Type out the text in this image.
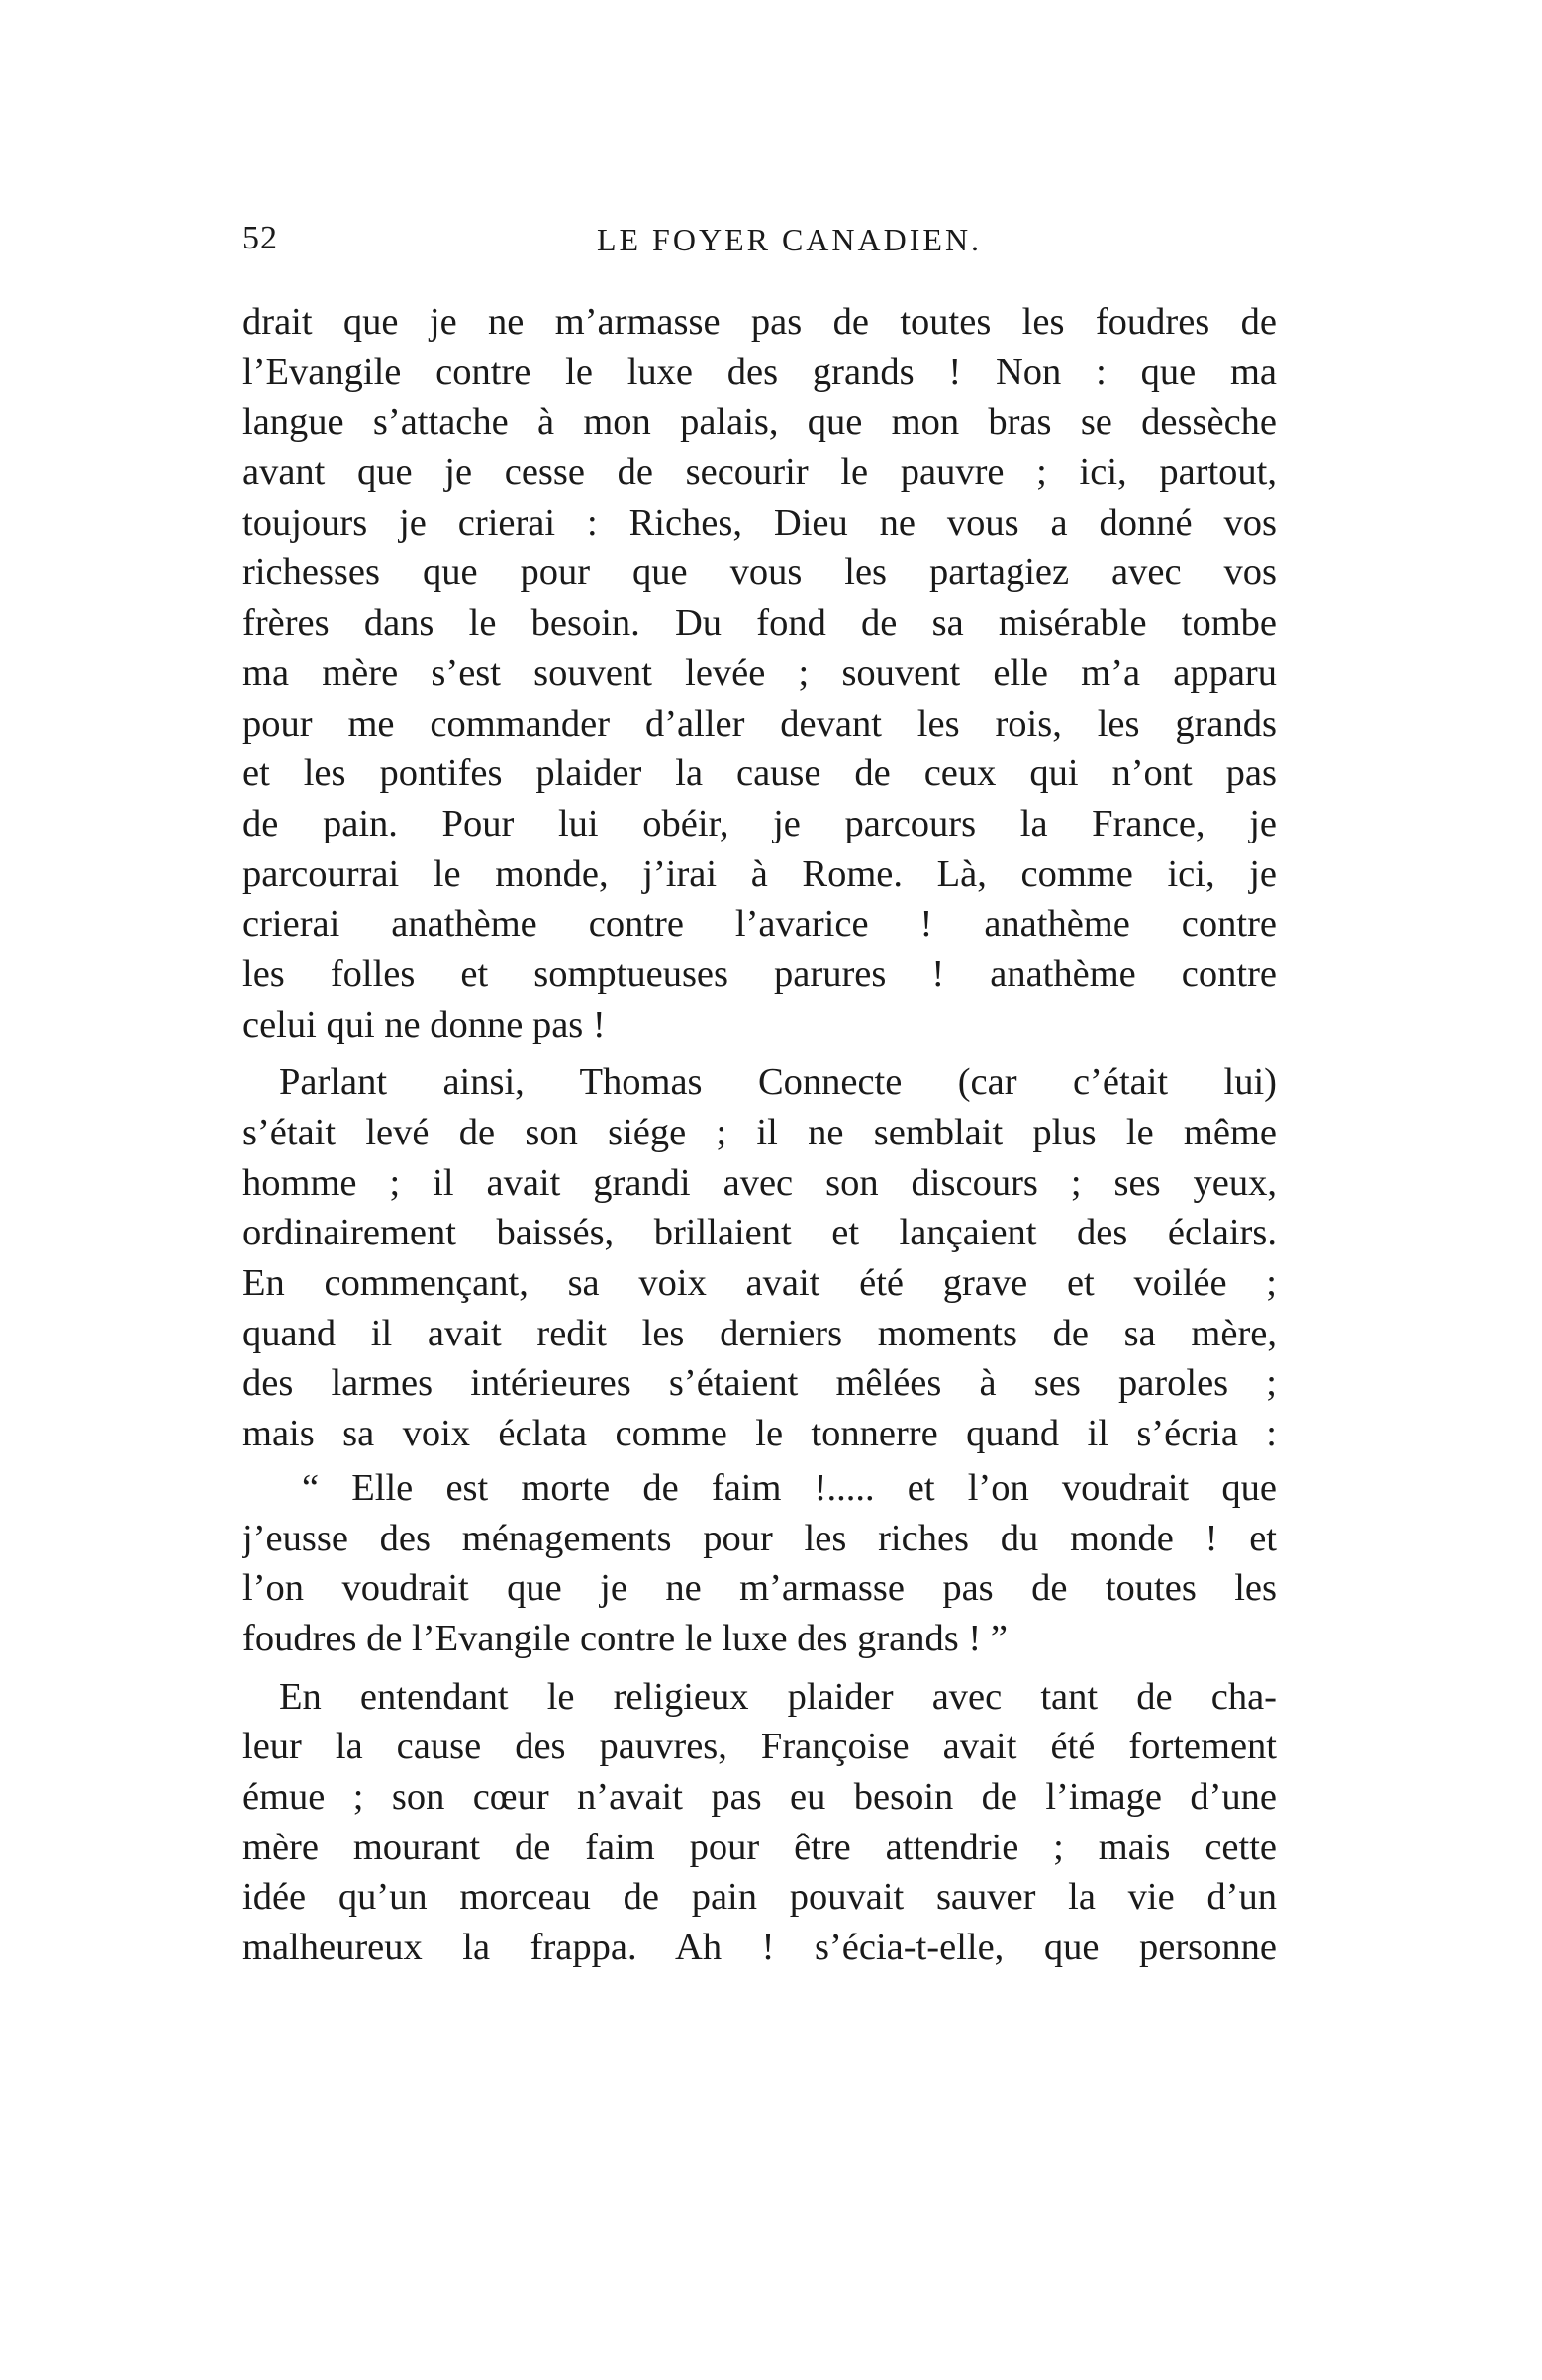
52	LE FOYER CANADIEN.
drait que je ne m’armasse pas de toutes les foudres de
l’Evangile contre le luxe des grands ! Non : que ma
langue s’attache à mon palais, que mon bras se dessèche
avant que je cesse de secourir le pauvre ; ici, partout,
toujours je crierai : Riches, Dieu ne vous a donné vos
richesses que pour que vous les partagiez avec vos
frères dans le besoin. Du fond de sa misérable tombe
ma mère s’est souvent levée ; souvent elle m’a apparu
pour me commander d’aller devant les rois, les grands
et les pontifes plaider la cause de ceux qui n’ont pas
de pain. Pour lui obéir, je parcours la France, je
parcourrai le monde, j’irai à Rome. Là, comme ici, je
crierai anathème contre l’avarice ! anathème contre
les folles et somptueuses parures ! anathème contre
celui qui ne donne pas !
Parlant ainsi, Thomas Connecte (car c’était lui)
s’était levé de son siége ; il ne semblait plus le même
homme ; il avait grandi avec son discours ; ses yeux,
ordinairement baissés, brillaient et lançaient des éclairs.
En commençant, sa voix avait été grave et voilée ;
quand il avait redit les derniers moments de sa mère,
des larmes intérieures s’étaient mêlées à ses paroles ;
mais sa voix éclata comme le tonnerre quand il s’écria :
“ Elle est morte de faim !..... et l’on voudrait que
j’eusse des ménagements pour les riches du monde ! et
l’on voudrait que je ne m’armasse pas de toutes les
foudres de l’Evangile contre le luxe des grands ! ”
En entendant le religieux plaider avec tant de cha-
leur la cause des pauvres, Françoise avait été fortement
émue ; son cœur n’avait pas eu besoin de l’image d’une
mère mourant de faim pour être attendrie ; mais cette
idée qu’un morceau de pain pouvait sauver la vie d’un
malheureux la frappa. Ah ! s’écia-t-elle, que personne
